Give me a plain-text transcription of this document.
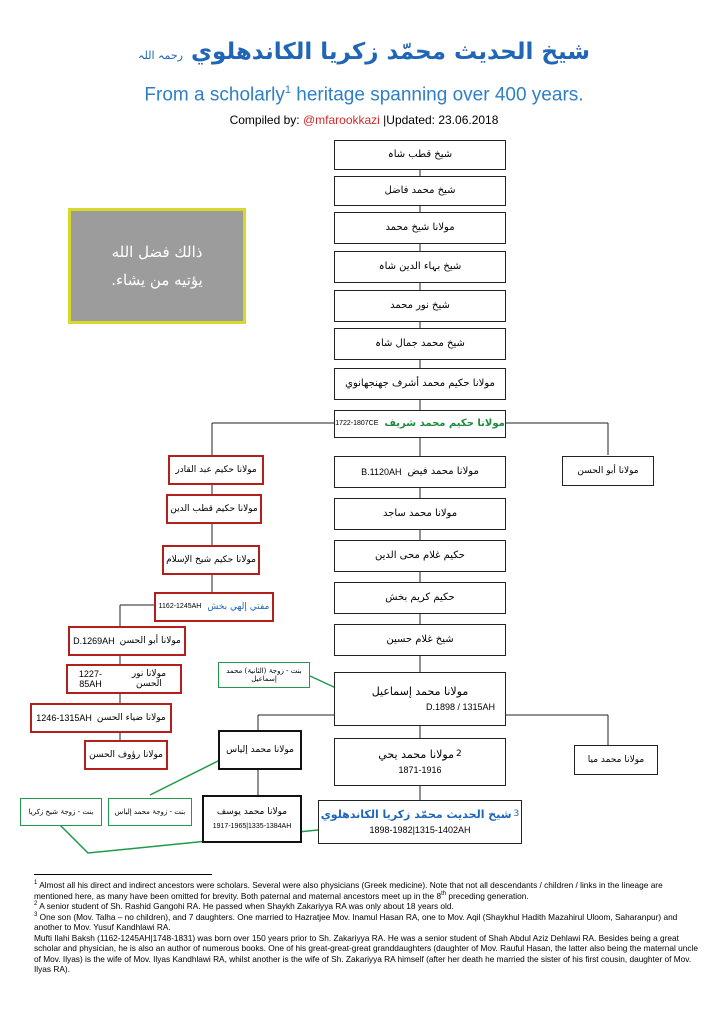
شیخ الحدیث محمّد زکریا الکاندھلوي رحمہ اللہ
From a scholarly$^1$ heritage spanning over 400 years.
Compiled by: @mfarookkazi |Updated: 23.06.2018
ذالك فضل الله
يؤتيه من يشاء.
شیخ قطب شاہ
شیخ محمد فاضل
مولانا شیخ محمد
شیخ بہاء الدین شاہ
شیخ نور محمد
شیخ محمد جمال شاہ
مولانا حکیم محمد أشرف جھنجھانوي
1722-1807CE مولانا حکیم محمد شریف
B.1120AH مولانا محمد فیض
مولانا محمد ساجد
حکیم غلام محی الدین
حکیم کریم بخش
شیخ غلام حسین
مولانا محمد إسماعیل
D.1898 / 1315AH
مولانا محمد یحي 2
1871-1916
شیخ الحدیث محمّد زکریا الکاندھلوي 3
1898-1982|1315-1402AH
مولانا أبو الحسن
مولانا محمد میا
مولانا حکیم عبد القادر
مولانا حکیم قطب الدین
مولانا حکیم شیخ الإسلام
1162-1245AH مفتي إلهي بخش
D.1269AH مولانا أبو الحسن
1227-85AH
مولانا نور الحسن
1246-1315AH مولانا ضیاء الحسن
مولانا رؤوف الحسن	مولانا محمد إلیاس
مولانا محمد یوسف
1917-1965|1335-1384AH
بنت - زوجۃ (الثانیۃ) محمد إسماعیل
بنت - زوجۃ شیخ زکریا	بنت - زوجۃ محمد إلیاس

$^1$ Almost all his direct and indirect ancestors were scholars. Several were also physicians (Greek medicine). Note that not all descendants / children / links in the lineage are mentioned here, as many have been omitted for brevity. Both paternal and maternal ancestors meet up in the 8th preceding generation.

$^2$ A senior student of Sh. Rashid Gangohi RA. He passed when Shaykh Zakariyya RA was only about 18 years old.

$^3$ One son (Mov. Talha – no children), and 7 daughters. One married to Hazratjee Mov. Inamul Hasan RA, one to Mov. Aqil (Shaykhul Hadith Mazahirul Uloom, Saharanpur) and another to Mov. Yusuf Kandhlawi RA.

Mufti Ilahi Baksh (1162-1245AH|1748-1831) was born over 150 years prior to Sh. Zakariyya RA. He was a senior student of Shah Abdul Aziz Dehlawi RA. Besides being a great scholar and physician, he is also an author of numerous books. One of his great-great-great granddaughters (daughter of Mov. Rauful Hasan, the latter also being the maternal uncle of Mov. Ilyas) is the wife of Mov. Ilyas Kandhlawi RA, whilst another is the wife of Sh. Zakariyya RA himself (after her death he married the sister of his first cousin, daughter of Mov. Ilyas RA).
